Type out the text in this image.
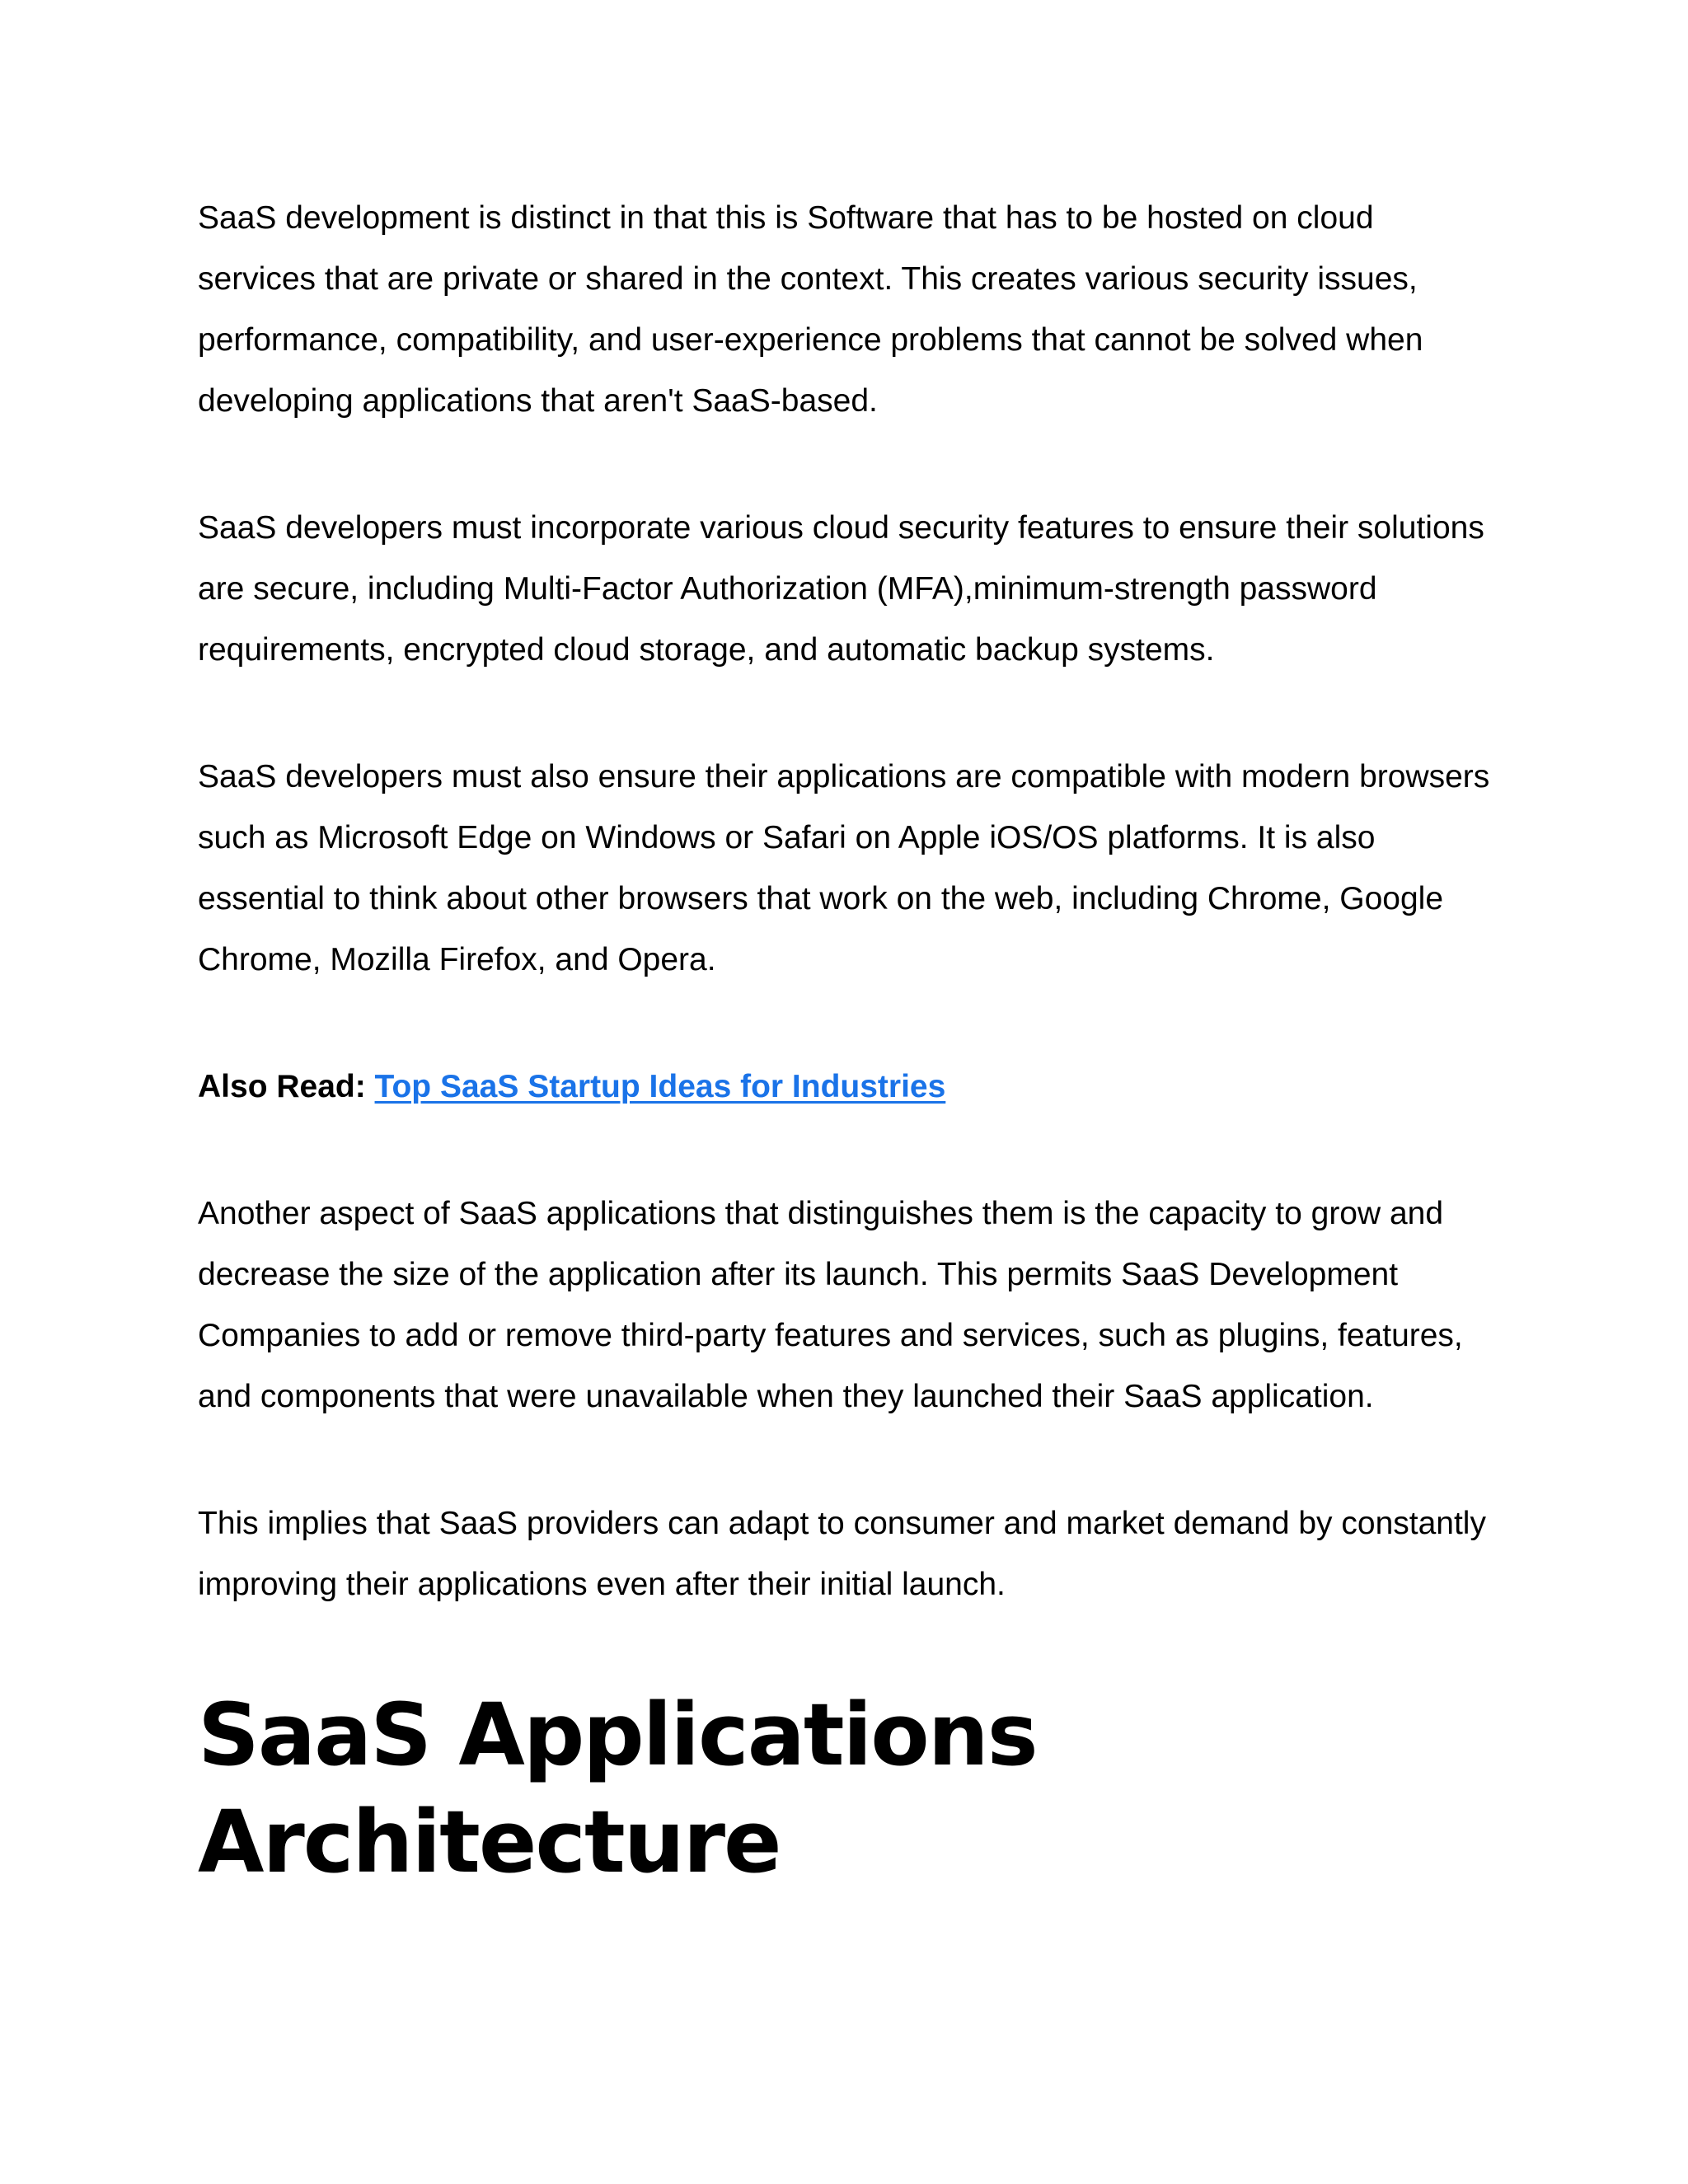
SaaS development is distinct in that this is Software that has to be hosted on cloud services that are private or shared in the context. This creates various security issues, performance, compatibility, and user-experience problems that cannot be solved when developing applications that aren't SaaS-based.

SaaS developers must incorporate various cloud security features to ensure their solutions are secure, including Multi-Factor Authorization (MFA),minimum-strength password requirements, encrypted cloud storage, and automatic backup systems.

SaaS developers must also ensure their applications are compatible with modern browsers such as Microsoft Edge on Windows or Safari on Apple iOS/OS platforms. It is also essential to think about other browsers that work on the web, including Chrome, Google Chrome, Mozilla Firefox, and Opera.

Also Read: Top SaaS Startup Ideas for Industries

Another aspect of SaaS applications that distinguishes them is the capacity to grow and decrease the size of the application after its launch. This permits SaaS Development Companies to add or remove third-party features and services, such as plugins, features, and components that were unavailable when they launched their SaaS application.

This implies that SaaS providers can adapt to consumer and market demand by constantly improving their applications even after their initial launch.

SaaS Applications Architecture
